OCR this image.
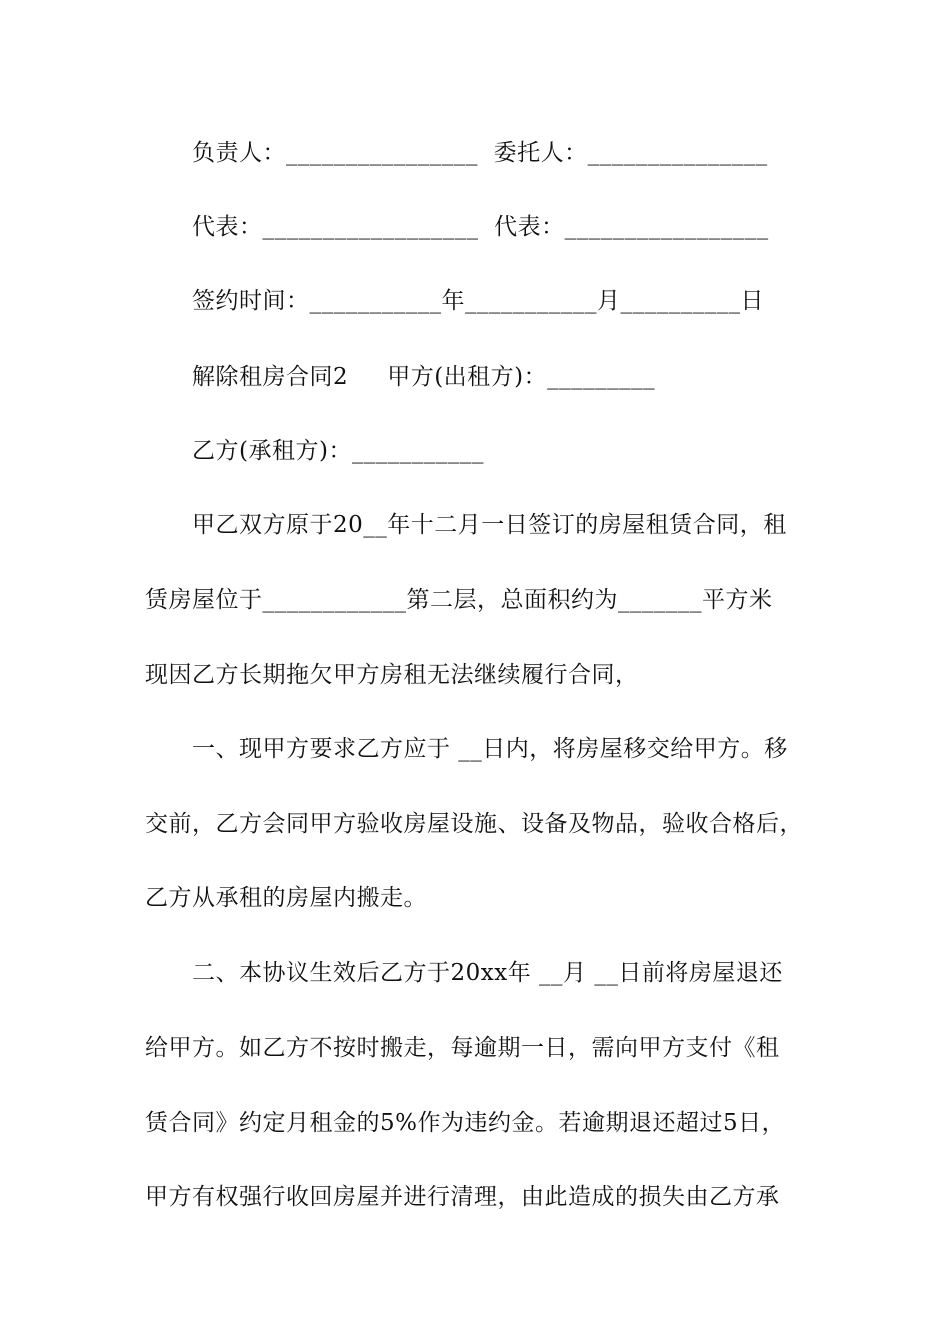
负责人：________________  委托人：_______________
代表：__________________  代表：_________________
签约时间：___________年___________月__________日
解除租房合同2     甲方(出租方)：_________
乙方(承租方)：___________
甲乙双方原于20__年十二月一日签订的房屋租赁合同，租
赁房屋位于____________第二层，总面积约为_______平方米
现因乙方长期拖欠甲方房租无法继续履行合同，
一、现甲方要求乙方应于 __日内，将房屋移交给甲方。移
交前，乙方会同甲方验收房屋设施、设备及物品，验收合格后，
乙方从承租的房屋内搬走。
二、本协议生效后乙方于20xx年 __月 __日前将房屋退还
给甲方。如乙方不按时搬走，每逾期一日，需向甲方支付《租
赁合同》约定月租金的5%作为违约金。若逾期退还超过5日，
甲方有权强行收回房屋并进行清理，由此造成的损失由乙方承
